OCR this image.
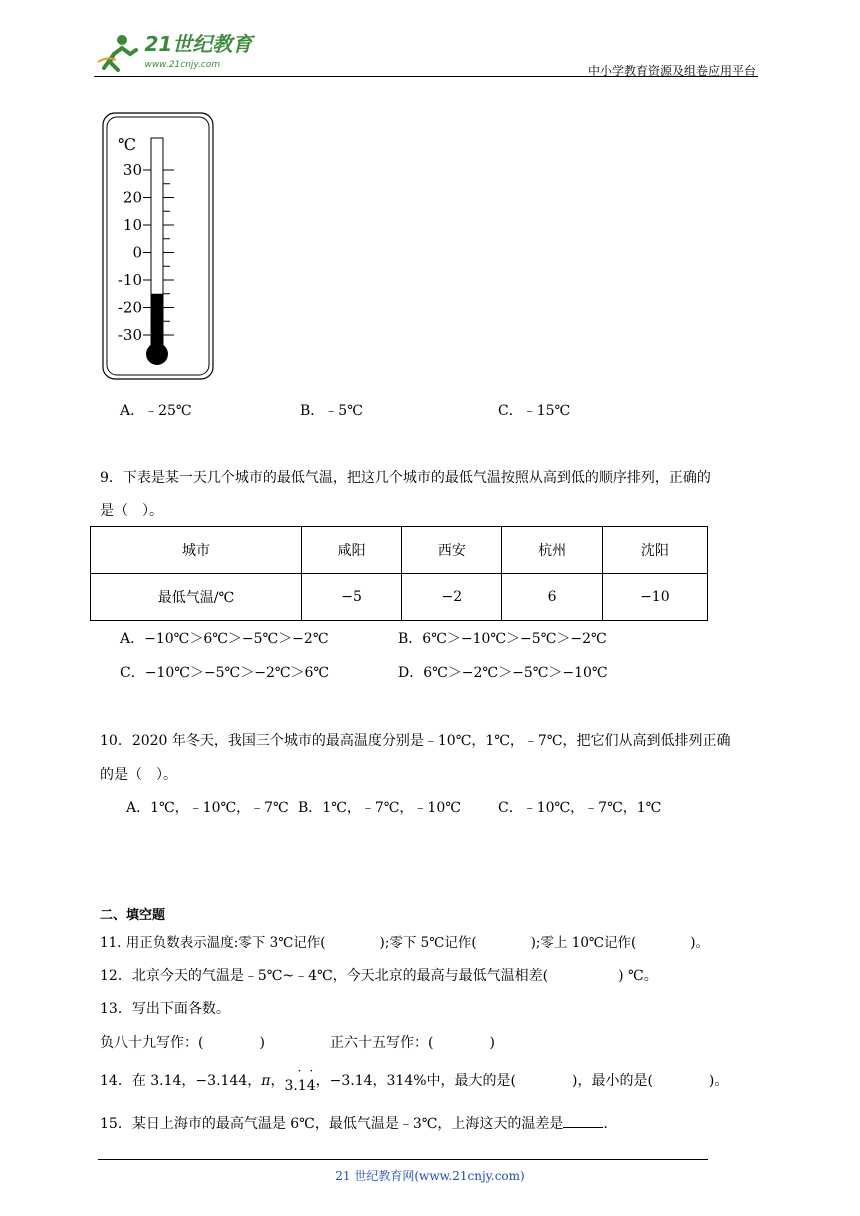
21世纪教育
www.21cnjy.com	中小学教育资源及组卷应用平台
℃
30
20
10
0
-10
-20
-30
A．﹣25℃	B．﹣5℃	C．﹣15℃
9．下表是某一天几个城市的最低气温，把这几个城市的最低气温按照从高到低的顺序排列，正确的
是（　）。
城市	咸阳	西安	杭州	沈阳
最低气温/℃	−5	−2	6	−10
A．−10℃＞6℃＞−5℃＞−2℃	B．6℃＞−10℃＞−5℃＞−2℃
C．−10℃＞−5℃＞−2℃＞6℃	D．6℃＞−2℃＞−5℃＞−10℃
10．2020 年冬天，我国三个城市的最高温度分别是﹣10℃，1℃，﹣7℃，把它们从高到低排列正确
的是（　）。
A．1℃，﹣10℃，﹣7℃ B．1℃，﹣7℃，﹣10℃	C．﹣10℃，﹣7℃，1℃
二、填空题
11. 用正负数表示温度:零下 3℃记作(　　　　);零下 5℃记作(　　　　);零上 10℃记作(　　　　)。
12．北京今天的气温是﹣5℃~﹣4℃，今天北京的最高与最低气温相差(　　　　　) ℃。
13．写出下面各数。
负八十九写作：(　　　　)	正六十五写作：(　　　　)
14．在 3.14，−3.144，π，
· ·
3.14，−3.14，314%中，最大的是(　　　　)，最小的是(　　　　)。
15．某日上海市的最高气温是 6℃，最低气温是﹣3℃，上海这天的温差是	.
21 世纪教育网(www.21cnjy.com)
